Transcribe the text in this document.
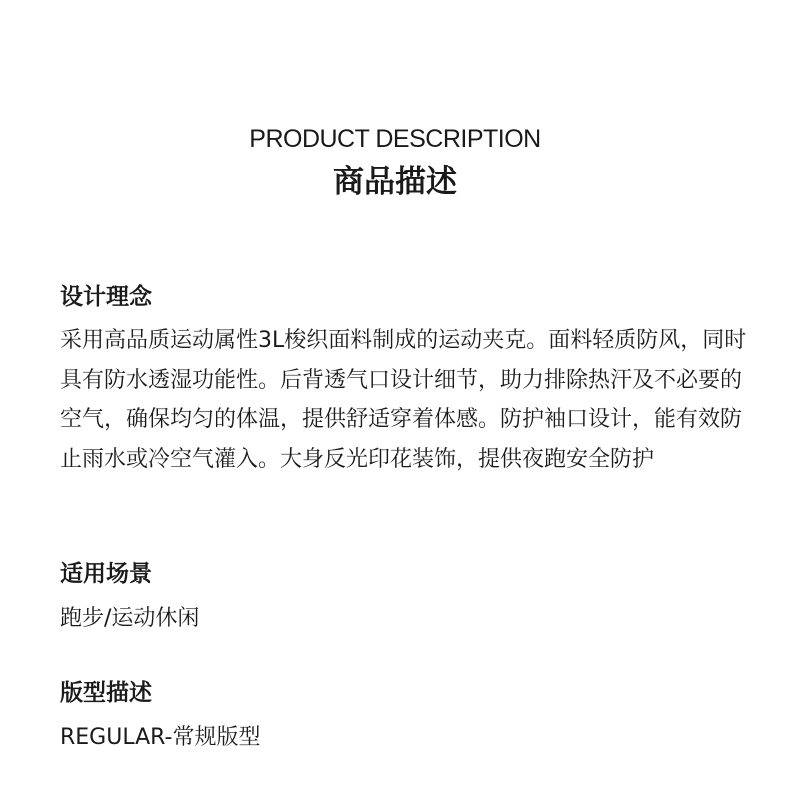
PRODUCT DESCRIPTION
商品描述
设计理念
采用高品质运动属性3L梭织面料制成的运动夹克。面料轻质防风，同时具有防水透湿功能性。后背透气口设计细节，助力排除热汗及不必要的空气，确保均匀的体温，提供舒适穿着体感。防护袖口设计，能有效防止雨水或冷空气灌入。大身反光印花装饰，提供夜跑安全防护
适用场景
跑步/运动休闲
版型描述
REGULAR-常规版型
